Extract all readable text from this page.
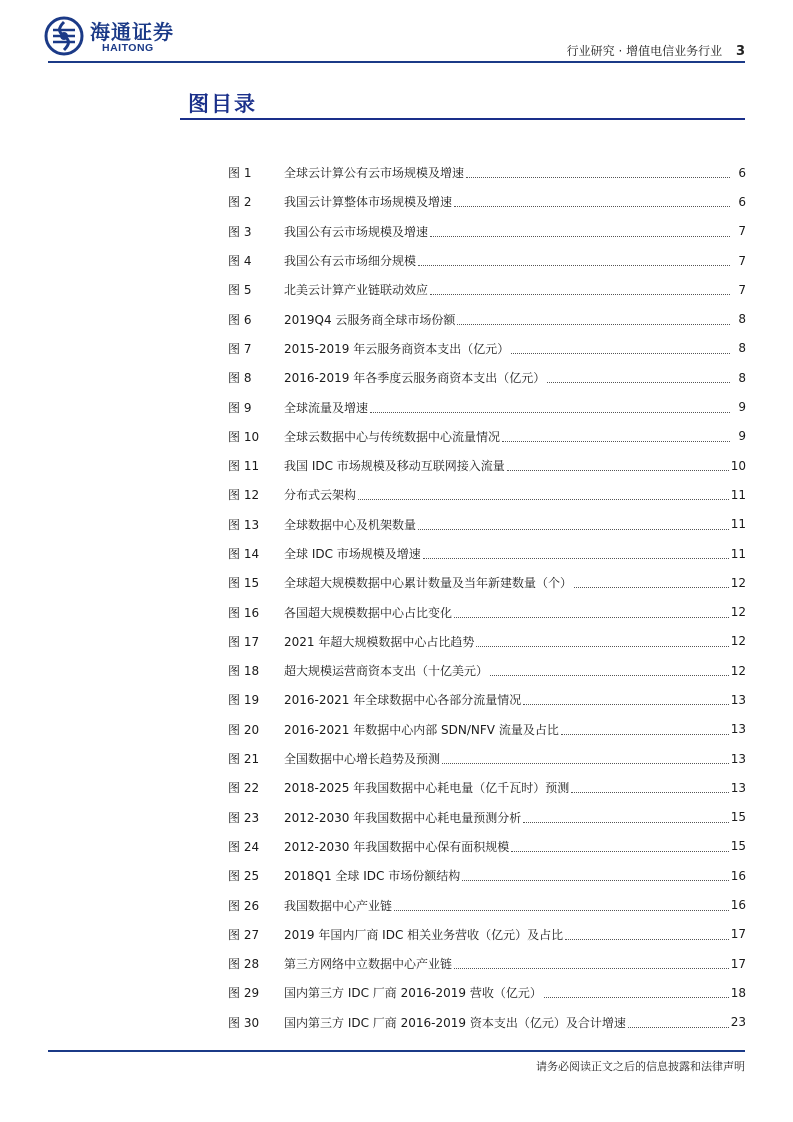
海通证券
HAITONG	行业研究 · 增值电信业务行业 3
图目录
图 1	全球云计算公有云市场规模及增速	6
图 2	我国云计算整体市场规模及增速	6
图 3	我国公有云市场规模及增速	7
图 4	我国公有云市场细分规模	7
图 5	北美云计算产业链联动效应	7
图 6	2019Q4 云服务商全球市场份额	8
图 7	2015-2019 年云服务商资本支出（亿元）	8
图 8	2016-2019 年各季度云服务商资本支出（亿元）	8
图 9	全球流量及增速	9
图 10	全球云数据中心与传统数据中心流量情况	9
图 11	我国 IDC 市场规模及移动互联网接入流量	10
图 12	分布式云架构	11
图 13	全球数据中心及机架数量	11
图 14	全球 IDC 市场规模及增速	11
图 15	全球超大规模数据中心累计数量及当年新建数量（个）	12
图 16	各国超大规模数据中心占比变化	12
图 17	2021 年超大规模数据中心占比趋势	12
图 18	超大规模运营商资本支出（十亿美元）	12
图 19	2016-2021 年全球数据中心各部分流量情况	13
图 20	2016-2021 年数据中心内部 SDN/NFV 流量及占比	13
图 21	全国数据中心增长趋势及预测	13
图 22	2018-2025 年我国数据中心耗电量（亿千瓦时）预测	13
图 23	2012-2030 年我国数据中心耗电量预测分析	15
图 24	2012-2030 年我国数据中心保有面积规模	15
图 25	2018Q1 全球 IDC 市场份额结构	16
图 26	我国数据中心产业链	16
图 27	2019 年国内厂商 IDC 相关业务营收（亿元）及占比	17
图 28	第三方网络中立数据中心产业链	17
图 29	国内第三方 IDC 厂商 2016-2019 营收（亿元）	18
图 30	国内第三方 IDC 厂商 2016-2019 资本支出（亿元）及合计增速	23
请务必阅读正文之后的信息披露和法律声明
